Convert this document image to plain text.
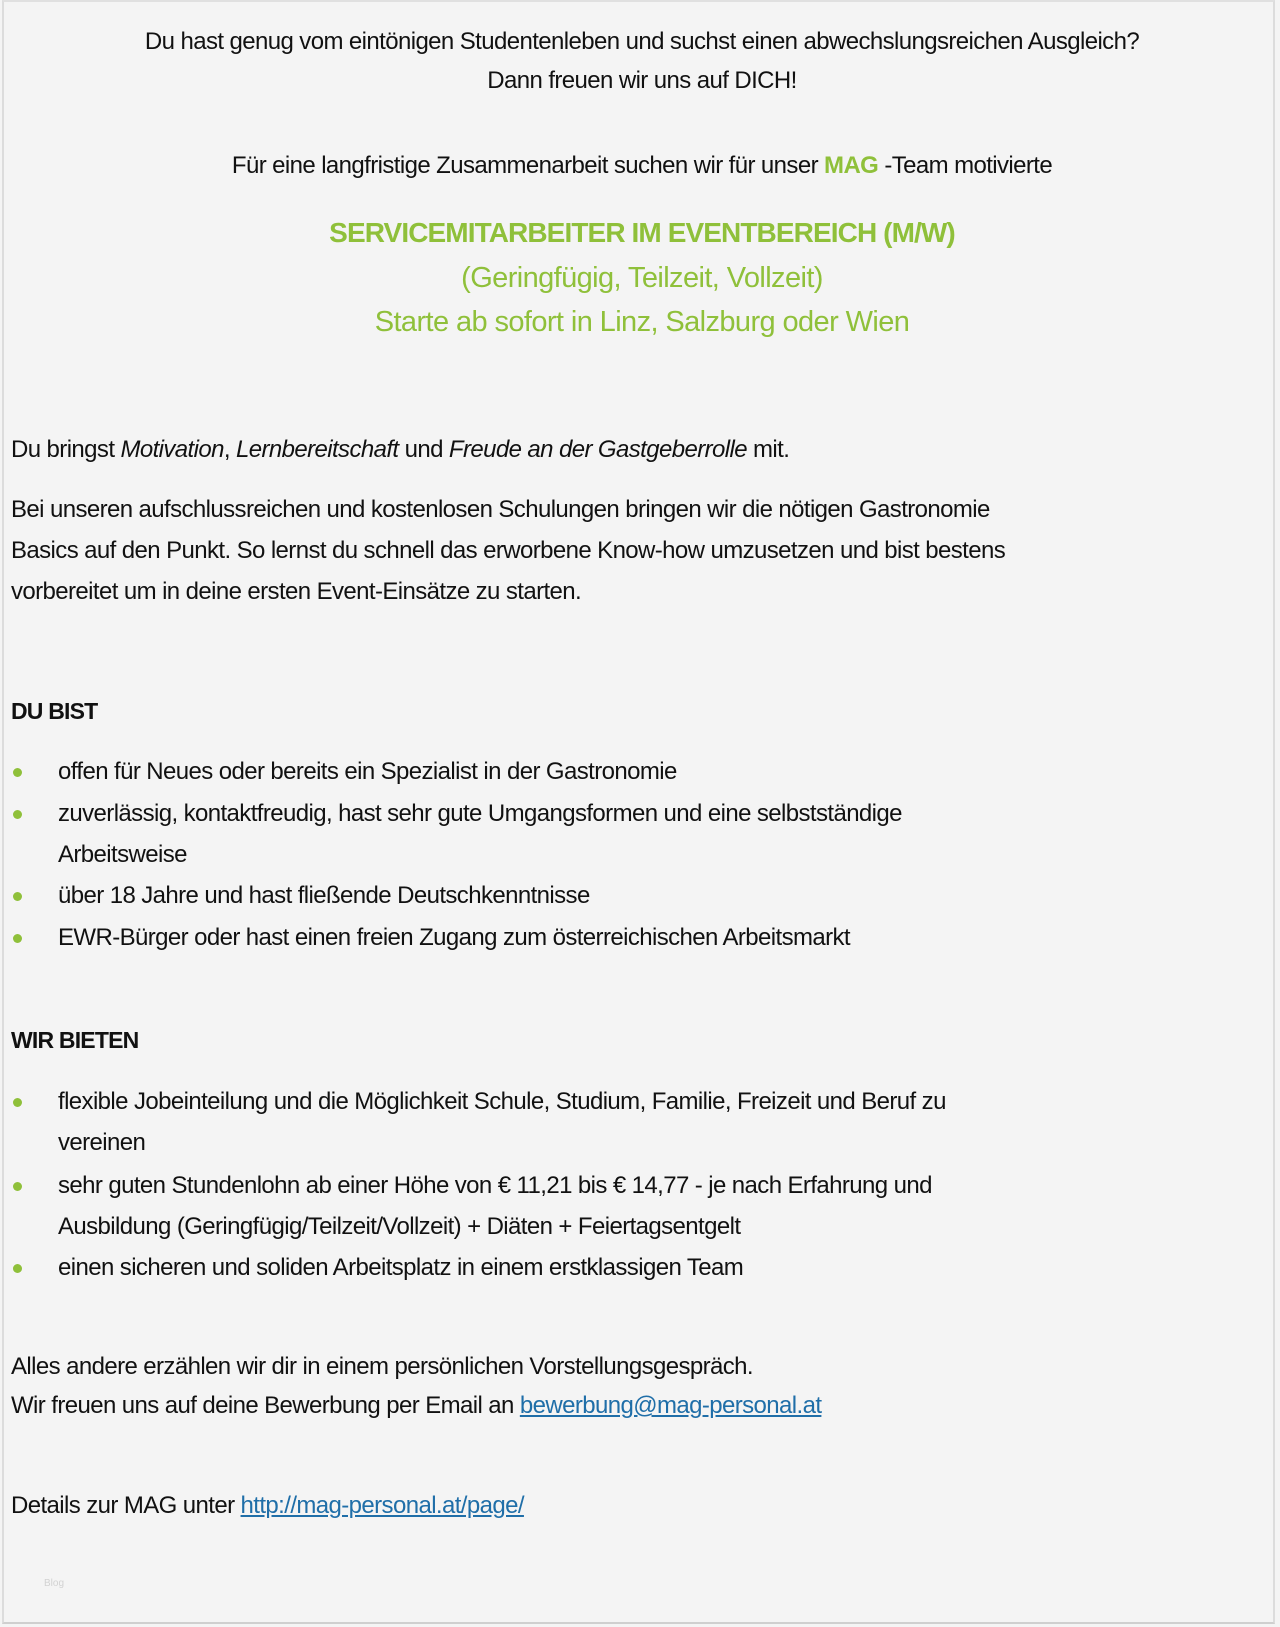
Du hast genug vom eintönigen Studentenleben und suchst einen abwechslungsreichen Ausgleich?
Dann freuen wir uns auf DICH!
Für eine langfristige Zusammenarbeit suchen wir für unser MAG -Team motivierte
SERVICEMITARBEITER IM EVENTBEREICH (M/W)
(Geringfügig, Teilzeit, Vollzeit)
Starte ab sofort in Linz, Salzburg oder Wien
Du bringst Motivation, Lernbereitschaft und Freude an der Gastgeberrolle mit.
Bei unseren aufschlussreichen und kostenlosen Schulungen bringen wir die nötigen Gastronomie
Basics auf den Punkt. So lernst du schnell das erworbene Know-how umzusetzen und bist bestens
vorbereitet um in deine ersten Event-Einsätze zu starten.
DU BIST
offen für Neues oder bereits ein Spezialist in der Gastronomie
zuverlässig, kontaktfreudig, hast sehr gute Umgangsformen und eine selbstständige
Arbeitsweise
über 18 Jahre und hast fließende Deutschkenntnisse
EWR-Bürger oder hast einen freien Zugang zum österreichischen Arbeitsmarkt
WIR BIETEN
flexible Jobeinteilung und die Möglichkeit Schule, Studium, Familie, Freizeit und Beruf zu
vereinen
sehr guten Stundenlohn ab einer Höhe von € 11,21 bis € 14,77 - je nach Erfahrung und
Ausbildung (Geringfügig/Teilzeit/Vollzeit) + Diäten + Feiertagsentgelt
einen sicheren und soliden Arbeitsplatz in einem erstklassigen Team
Alles andere erzählen wir dir in einem persönlichen Vorstellungsgespräch.
Wir freuen uns auf deine Bewerbung per Email an bewerbung@mag-personal.at
Details zur MAG unter http://mag-personal.at/page/
Blog
